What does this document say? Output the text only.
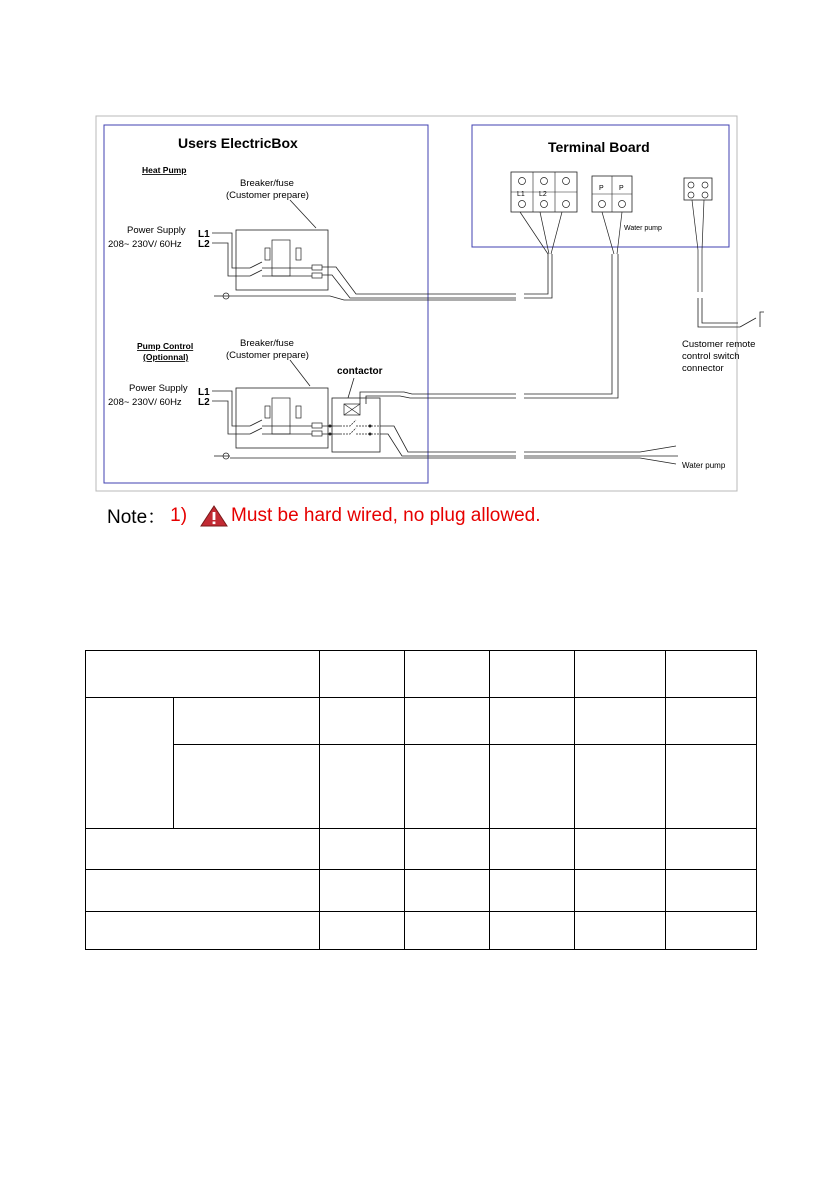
Users ElectricBox	Terminal Board
Heat Pump
Breaker/fuse
(Customer prepare)
Power Supply
208~ 230V/ 60Hz
L1
L2
L1 L2
P P
Water pump
Customer remote
control switch
connector
Pump Control
(Optionnal)
Breaker/fuse
(Customer prepare)
contactor
Power Supply
208~ 230V/ 60Hz
L1
L2
Water pump
Note： 1) Must be hard wired, no plug allowed.
